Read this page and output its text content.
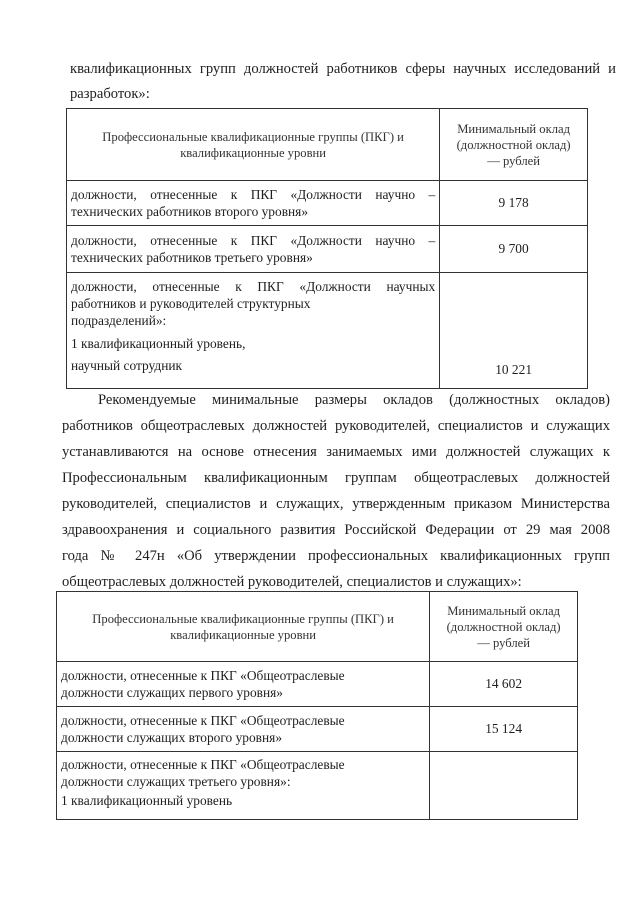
квалификационных групп должностей работников сферы научных исследований и
разработок»:
Профессиональные квалификационные группы (ПКГ) и
квалификационные уровни	Минимальный оклад
(должностной оклад)
— рублей

должности, отнесенные к ПКГ «Должности научно –
технических работников второго уровня»	9 178

должности, отнесенные к ПКГ «Должности научно –
технических работников третьего уровня»	9 700

должности, отнесенные к ПКГ «Должности научных
работников и руководителей структурных
подразделений»:
1 квалификационный уровень,
научный сотрудник	10 221
Рекомендуемые минимальные размеры окладов (должностных окладов)
работников общеотраслевых должностей руководителей, специалистов и служащих
устанавливаются на основе отнесения занимаемых ими должностей служащих к
Профессиональным квалификационным группам общеотраслевых должностей
руководителей, специалистов и служащих, утвержденным приказом Министерства
здравоохранения и социального развития Российской Федерации от 29 мая 2008
года № 247н «Об утверждении профессиональных квалификационных групп
общеотраслевых должностей руководителей, специалистов и служащих»:
Профессиональные квалификационные группы (ПКГ) и
квалификационные уровни	Минимальный оклад
(должностной оклад)
— рублей

должности, отнесенные к ПКГ «Общеотраслевые
должности служащих первого уровня»	14 602

должности, отнесенные к ПКГ «Общеотраслевые
должности служащих второго уровня»	15 124

должности, отнесенные к ПКГ «Общеотраслевые
должности служащих третьего уровня»:
1 квалификационный уровень	
